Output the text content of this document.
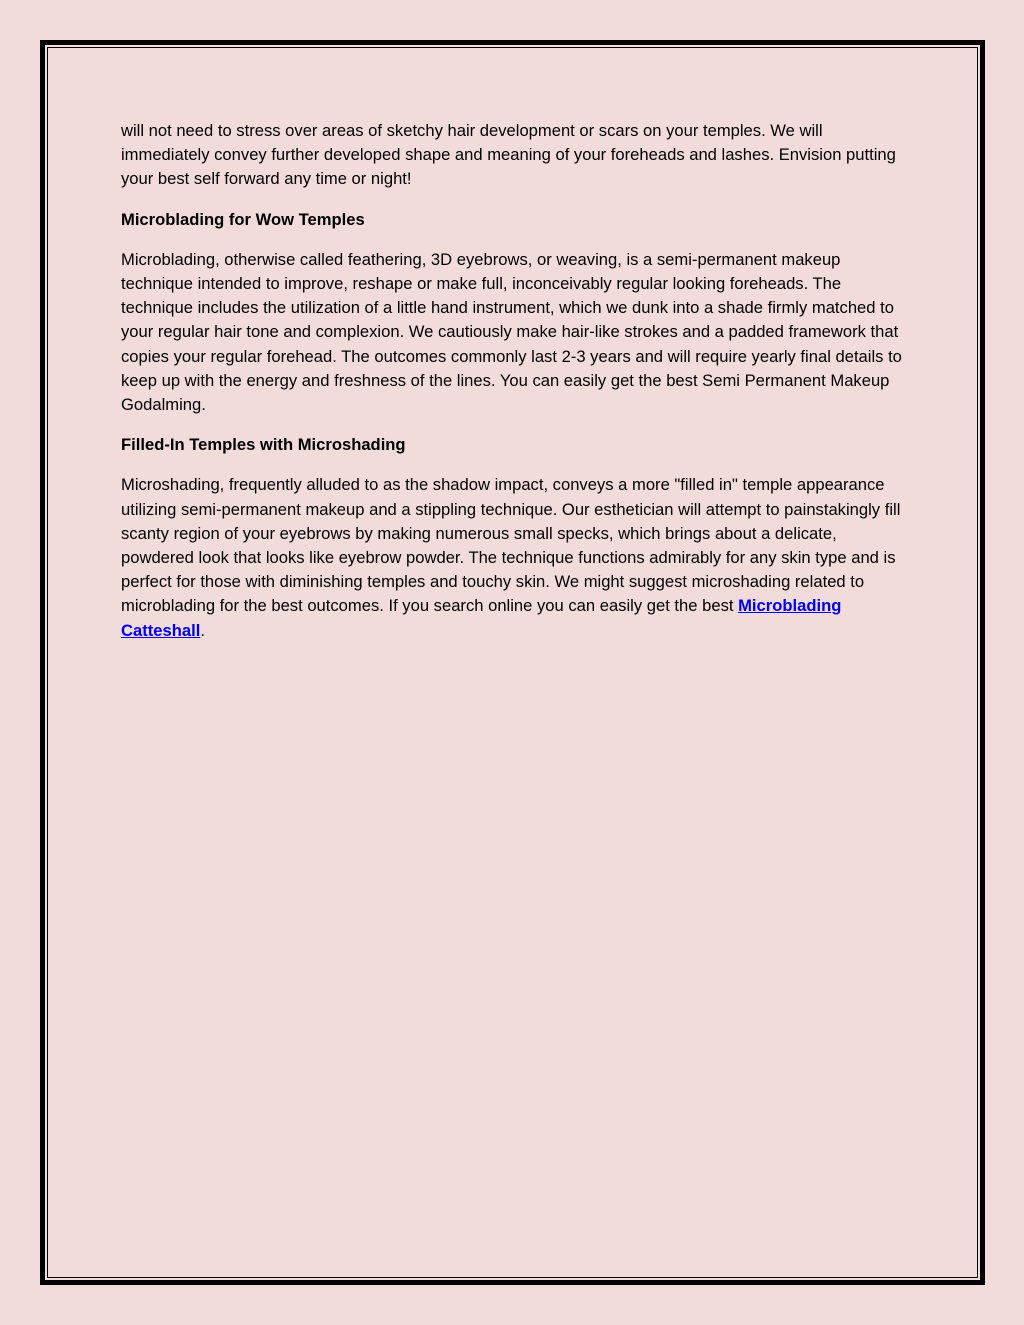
will not need to stress over areas of sketchy hair development or scars on your temples. We will immediately convey further developed shape and meaning of your foreheads and lashes. Envision putting your best self forward any time or night!

Microblading for Wow Temples

Microblading, otherwise called feathering, 3D eyebrows, or weaving, is a semi-permanent makeup technique intended to improve, reshape or make full, inconceivably regular looking foreheads. The technique includes the utilization of a little hand instrument, which we dunk into a shade firmly matched to your regular hair tone and complexion. We cautiously make hair-like strokes and a padded framework that copies your regular forehead. The outcomes commonly last 2-3 years and will require yearly final details to keep up with the energy and freshness of the lines. You can easily get the best Semi Permanent Makeup Godalming.

Filled-In Temples with Microshading

Microshading, frequently alluded to as the shadow impact, conveys a more "filled in" temple appearance utilizing semi-permanent makeup and a stippling technique. Our esthetician will attempt to painstakingly fill scanty region of your eyebrows by making numerous small specks, which brings about a delicate, powdered look that looks like eyebrow powder. The technique functions admirably for any skin type and is perfect for those with diminishing temples and touchy skin. We might suggest microshading related to microblading for the best outcomes. If you search online you can easily get the best Microblading Catteshall.
